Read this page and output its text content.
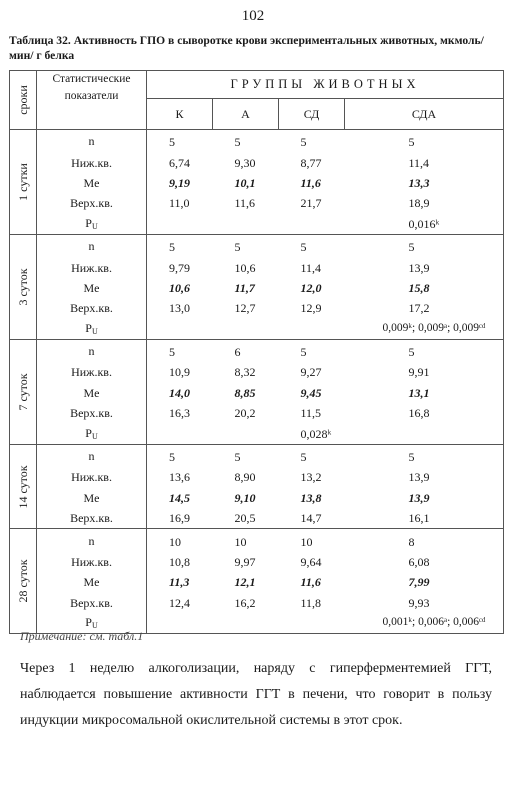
102
Таблица 32. Активность ГПО в сыворотке крови экспериментальных животных, мкмоль/мин/ г белка
сроки	Статистические
показатели	ГРУППЫ ЖИВОТНЫХ			
		К	А	СД	СДА

1 сутки	n	5	5	5	5
	Ниж.кв.	6,74	9,30	8,77	11,4
	Me	9,19	10,1	11,6	13,3
	Верх.кв.	11,0	11,6	21,7	18,9
	PU				0,016ᵏ

3 суток	n	5	5	5	5
	Ниж.кв.	9,79	10,6	11,4	13,9
	Me	10,6	11,7	12,0	15,8
	Верх.кв.	13,0	12,7	12,9	17,2
	PU				0,009ᵏ; 0,009ᵃ; 0,009ᶜᵈ

7 суток	n	5	6	5	5
	Ниж.кв.	10,9	8,32	9,27	9,91
	Me	14,0	8,85	9,45	13,1
	Верх.кв.	16,3	20,2	11,5	16,8
	PU			0,028ᵏ	

14 суток	n	5	5	5	5
	Ниж.кв.	13,6	8,90	13,2	13,9
	Me	14,5	9,10	13,8	13,9
	Верх.кв.	16,9	20,5	14,7	16,1

28 суток	n	10	10	10	8
	Ниж.кв.	10,8	9,97	9,64	6,08
	Me	11,3	12,1	11,6	7,99
	Верх.кв.	12,4	16,2	11,8	9,93
	PU				0,001ᵏ; 0,006ᵃ; 0,006ᶜᵈ
Примечание: см. табл.1
Через 1 неделю алкоголизации, наряду с гиперферментемией ГГТ,
наблюдается повышение активности ГГТ в печени, что говорит в пользу
индукции микросомальной окислительной системы в этот срок.
